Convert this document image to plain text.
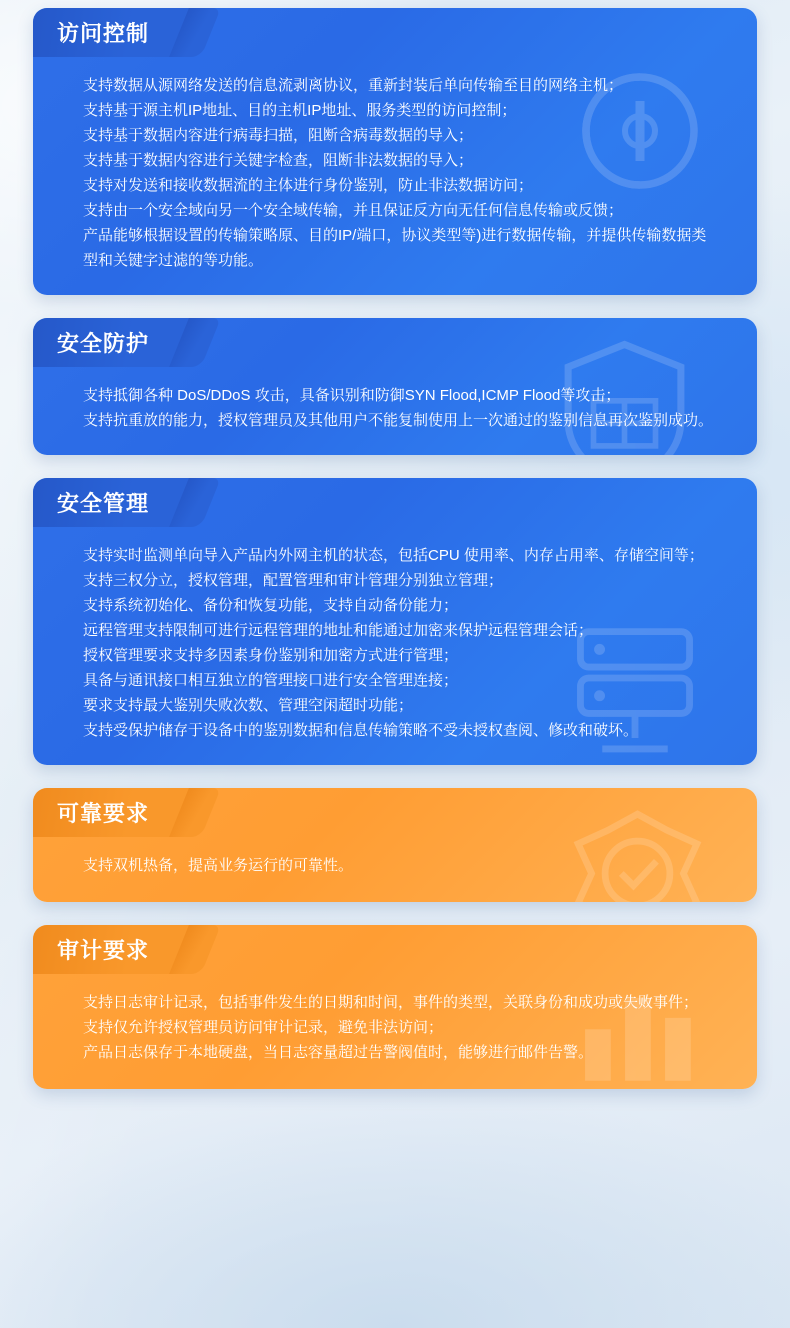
访问控制

支持数据从源网络发送的信息流剥离协议，重新封装后单向传输至目的网络主机；

支持基于源主机IP地址、目的主机IP地址、服务类型的访问控制；

支持基于数据内容进行病毒扫描，阻断含病毒数据的导入；

支持基于数据内容进行关键字检查，阻断非法数据的导入；

支持对发送和接收数据流的主体进行身份鉴别，防止非法数据访问；

支持由一个安全域向另一个安全域传输，并且保证反方向无任何信息传输或反馈；

产品能够根据设置的传输策略原、目的IP/端口，协议类型等)进行数据传输，并提供传输数据类型和关键字过滤的等功能。

安全防护

支持抵御各种 DoS/DDoS 攻击，具备识别和防御SYN Flood,ICMP Flood等攻击；

支持抗重放的能力，授权管理员及其他用户不能复制使用上一次通过的鉴别信息再次鉴别成功。

安全管理

支持实时监测单向导入产品内外网主机的状态，包括CPU 使用率、内存占用率、存储空间等；

支持三权分立，授权管理，配置管理和审计管理分别独立管理；

支持系统初始化、备份和恢复功能，支持自动备份能力；

远程管理支持限制可进行远程管理的地址和能通过加密来保护远程管理会话；

授权管理要求支持多因素身份鉴别和加密方式进行管理；

具备与通讯接口相互独立的管理接口进行安全管理连接；

要求支持最大鉴别失败次数、管理空闲超时功能；

支持受保护储存于设备中的鉴别数据和信息传输策略不受未授权查阅、修改和破坏。

可靠要求

支持双机热备，提高业务运行的可靠性。

审计要求

支持日志审计记录，包括事件发生的日期和时间，事件的类型，关联身份和成功或失败事件；

支持仅允许授权管理员访问审计记录，避免非法访问；

产品日志保存于本地硬盘，当日志容量超过告警阀值时，能够进行邮件告警。
